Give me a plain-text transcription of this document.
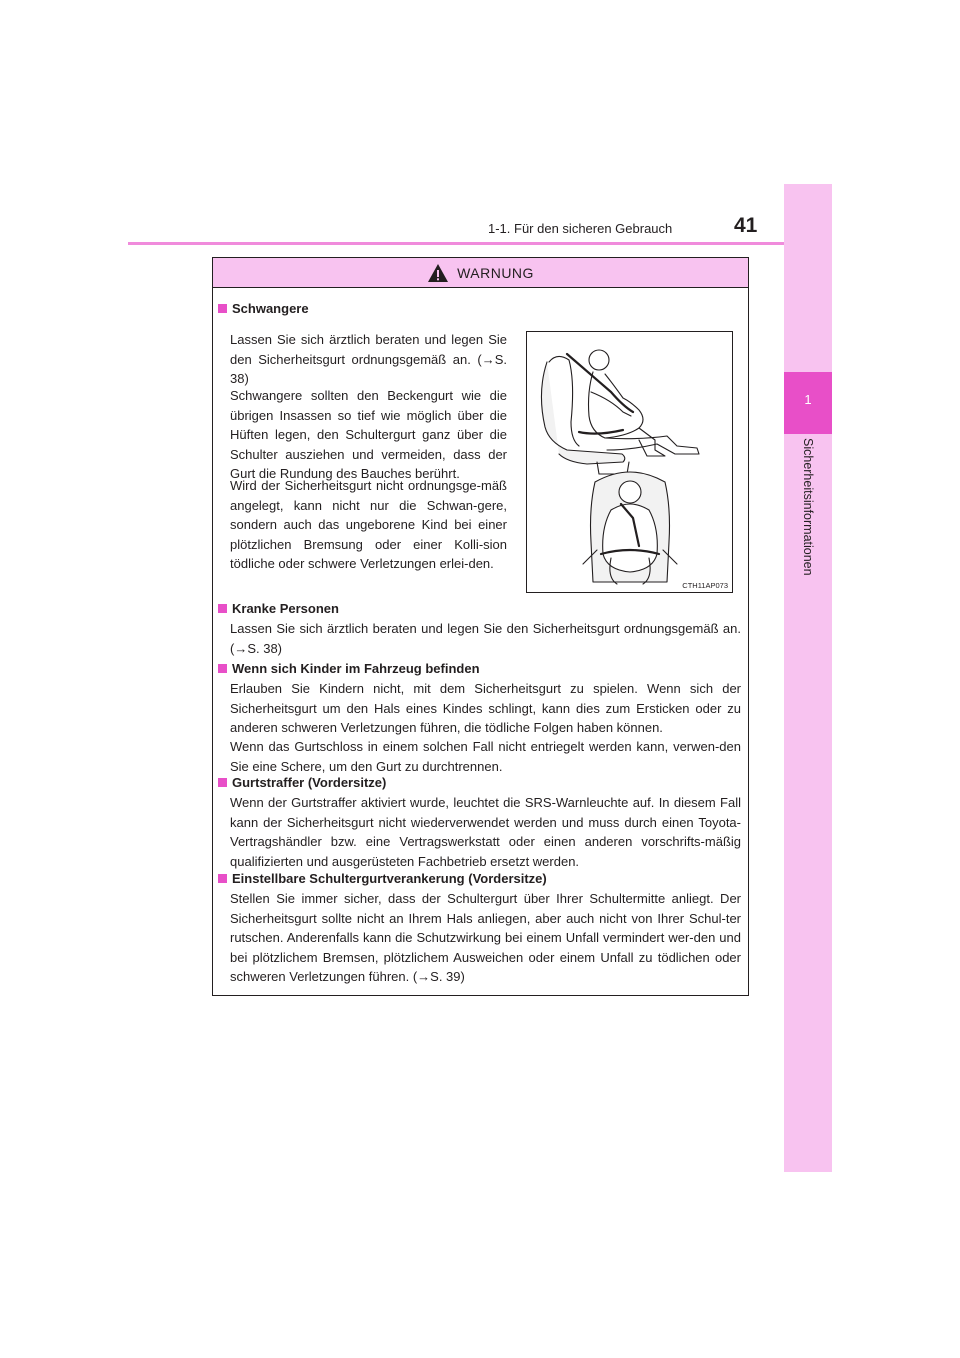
1-1. Für den sicheren Gebrauch	41
1
Sicherheitsinformationen
WARNUNG
Schwangere
Lassen Sie sich ärztlich beraten und legen Sie den Sicherheitsgurt ordnungsgemäß an. (→S. 38)
Schwangere sollten den Beckengurt wie die übrigen Insassen so tief wie möglich über die Hüften legen, den Schultergurt ganz über die Schulter ausziehen und vermeiden, dass der Gurt die Rundung des Bauches berührt.
Wird der Sicherheitsgurt nicht ordnungsge-mäß angelegt, kann nicht nur die Schwan-gere, sondern auch das ungeborene Kind bei einer plötzlichen Bremsung oder einer Kolli-sion tödliche oder schwere Verletzungen erlei-den.
CTH11AP073
Kranke Personen
Lassen Sie sich ärztlich beraten und legen Sie den Sicherheitsgurt ordnungsgemäß an. (→S. 38)
Wenn sich Kinder im Fahrzeug befinden
Erlauben Sie Kindern nicht, mit dem Sicherheitsgurt zu spielen. Wenn sich der Sicherheitsgurt um den Hals eines Kindes schlingt, kann dies zum Ersticken oder zu anderen schweren Verletzungen führen, die tödliche Folgen haben können.
Wenn das Gurtschloss in einem solchen Fall nicht entriegelt werden kann, verwen-den Sie eine Schere, um den Gurt zu durchtrennen.
Gurtstraffer (Vordersitze)
Wenn der Gurtstraffer aktiviert wurde, leuchtet die SRS-Warnleuchte auf. In diesem Fall kann der Sicherheitsgurt nicht wiederverwendet werden und muss durch einen Toyota-Vertragshändler bzw. eine Vertragswerkstatt oder einen anderen vorschrifts-mäßig qualifizierten und ausgerüsteten Fachbetrieb ersetzt werden.
Einstellbare Schultergurtverankerung (Vordersitze)
Stellen Sie immer sicher, dass der Schultergurt über Ihrer Schultermitte anliegt. Der Sicherheitsgurt sollte nicht an Ihrem Hals anliegen, aber auch nicht von Ihrer Schul-ter rutschen. Anderenfalls kann die Schutzwirkung bei einem Unfall vermindert wer-den und bei plötzlichem Bremsen, plötzlichem Ausweichen oder einem Unfall zu tödlichen oder schweren Verletzungen führen. (→S. 39)
